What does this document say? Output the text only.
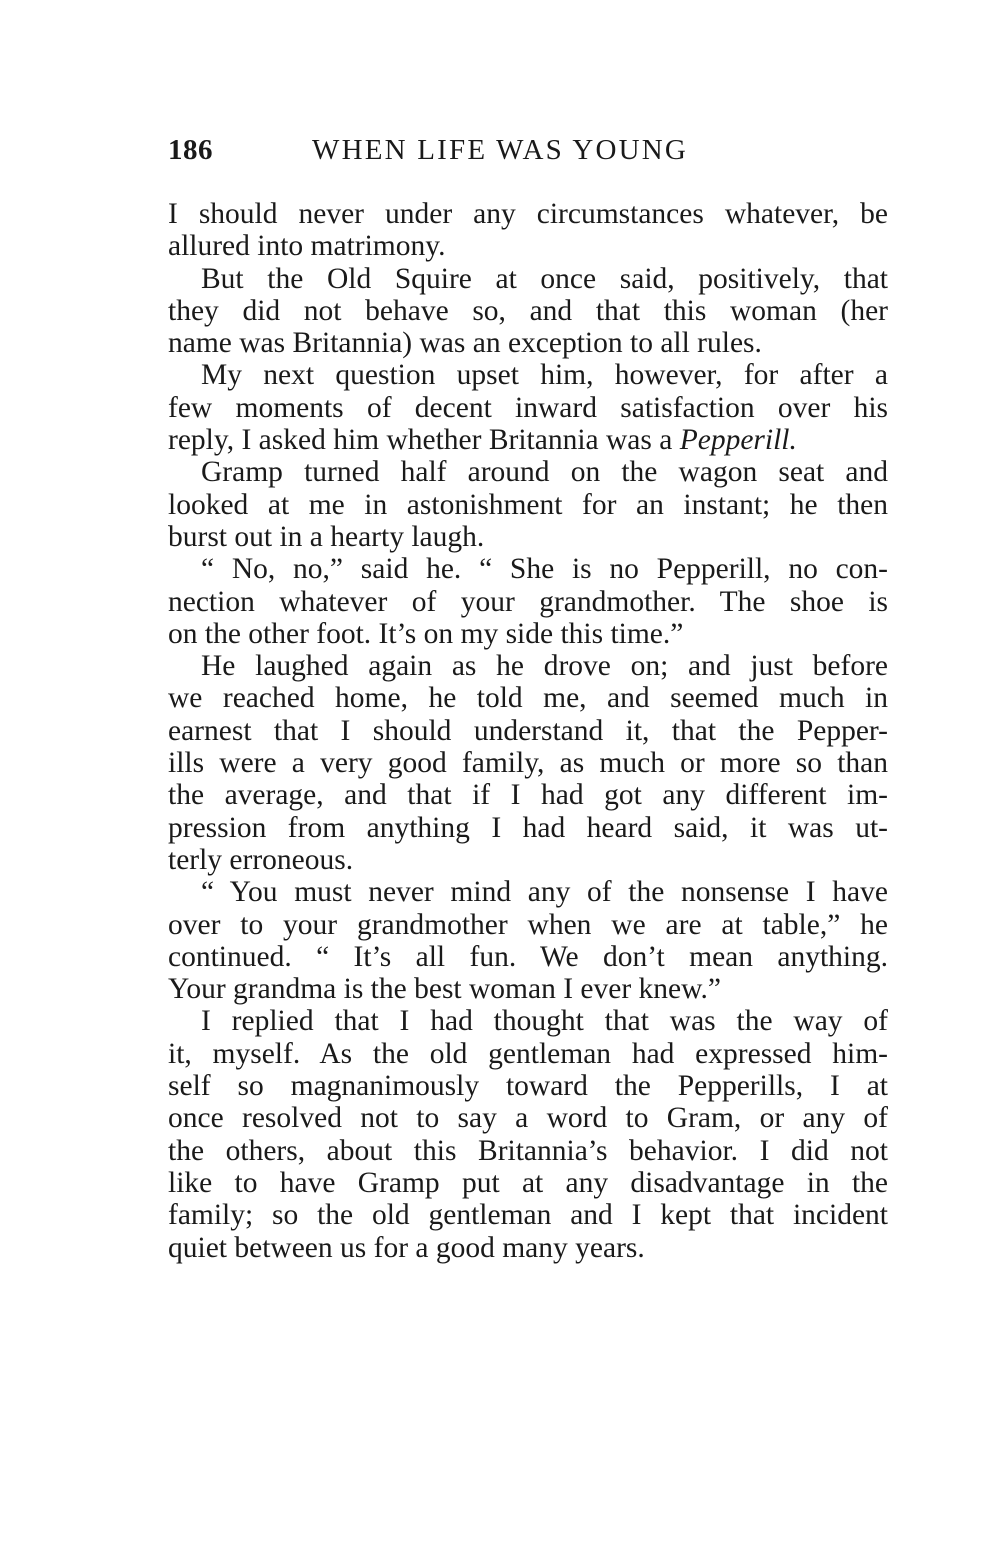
186	WHEN LIFE WAS YOUNG
I should never under any circumstances whatever, be
allured into matrimony.
But the Old Squire at once said, positively, that
they did not behave so, and that this woman (her
name was Britannia) was an exception to all rules.
My next question upset him, however, for after a
few moments of decent inward satisfaction over his
reply, I asked him whether Britannia was a Pepperill.
Gramp turned half around on the wagon seat and
looked at me in astonishment for an instant; he then
burst out in a hearty laugh.
“ No, no,” said he. “ She is no Pepperill, no con-
nection whatever of your grandmother. The shoe is
on the other foot. It’s on my side this time.”
He laughed again as he drove on; and just before
we reached home, he told me, and seemed much in
earnest that I should understand it, that the Pepper-
ills were a very good family, as much or more so than
the average, and that if I had got any different im-
pression from anything I had heard said, it was ut-
terly erroneous.
“ You must never mind any of the nonsense I have
over to your grandmother when we are at table,” he
continued. “ It’s all fun. We don’t mean anything.
Your grandma is the best woman I ever knew.”
I replied that I had thought that was the way of
it, myself. As the old gentleman had expressed him-
self so magnanimously toward the Pepperills, I at
once resolved not to say a word to Gram, or any of
the others, about this Britannia’s behavior. I did not
like to have Gramp put at any disadvantage in the
family; so the old gentleman and I kept that incident
quiet between us for a good many years.
